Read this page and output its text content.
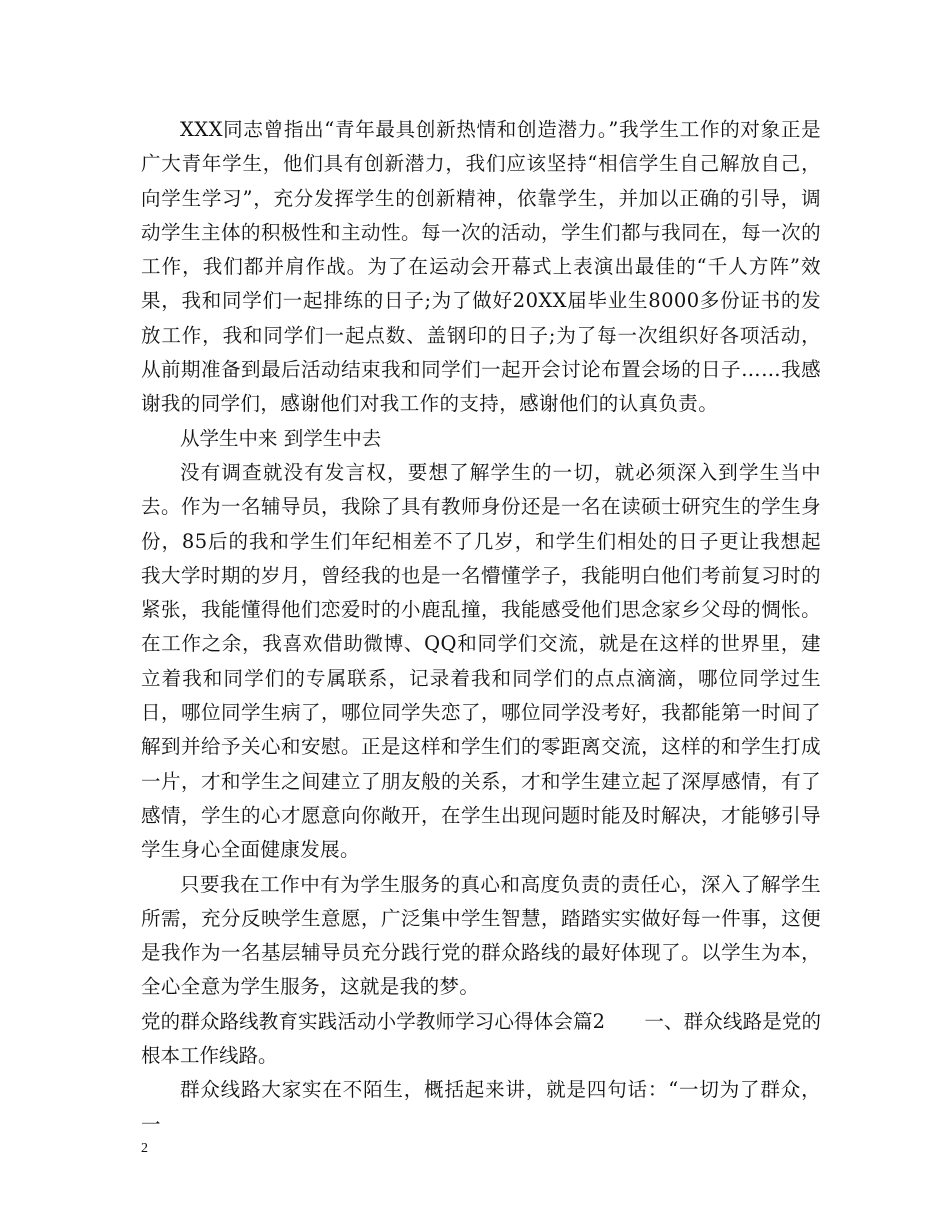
XXX同志曾指出“青年最具创新热情和创造潜力。”我学生工作的对象正是广大青年学生，他们具有创新潜力，我们应该坚持“相信学生自己解放自己，向学生学习”，充分发挥学生的创新精神，依靠学生，并加以正确的引导，调动学生主体的积极性和主动性。每一次的活动，学生们都与我同在，每一次的工作，我们都并肩作战。为了在运动会开幕式上表演出最佳的“千人方阵”效果，我和同学们一起排练的日子;为了做好20XX届毕业生8000多份证书的发放工作，我和同学们一起点数、盖钢印的日子;为了每一次组织好各项活动，从前期准备到最后活动结束我和同学们一起开会讨论布置会场的日子……我感谢我的同学们，感谢他们对我工作的支持，感谢他们的认真负责。

从学生中来 到学生中去

没有调查就没有发言权，要想了解学生的一切，就必须深入到学生当中去。作为一名辅导员，我除了具有教师身份还是一名在读硕士研究生的学生身份，85后的我和学生们年纪相差不了几岁，和学生们相处的日子更让我想起我大学时期的岁月，曾经我的也是一名懵懂学子，我能明白他们考前复习时的紧张，我能懂得他们恋爱时的小鹿乱撞，我能感受他们思念家乡父母的惆怅。在工作之余，我喜欢借助微博、QQ和同学们交流，就是在这样的世界里，建立着我和同学们的专属联系，记录着我和同学们的点点滴滴，哪位同学过生日，哪位同学生病了，哪位同学失恋了，哪位同学没考好，我都能第一时间了解到并给予关心和安慰。正是这样和学生们的零距离交流，这样的和学生打成一片，才和学生之间建立了朋友般的关系，才和学生建立起了深厚感情，有了感情，学生的心才愿意向你敞开，在学生出现问题时能及时解决，才能够引导学生身心全面健康发展。

只要我在工作中有为学生服务的真心和高度负责的责任心，深入了解学生所需，充分反映学生意愿，广泛集中学生智慧，踏踏实实做好每一件事，这便是我作为一名基层辅导员充分践行党的群众路线的最好体现了。以学生为本，全心全意为学生服务，这就是我的梦。

党的群众路线教育实践活动小学教师学习心得体会篇2　　一、群众线路是党的根本工作线路。

群众线路大家实在不陌生，概括起来讲，就是四句话：“一切为了群众，一

2
